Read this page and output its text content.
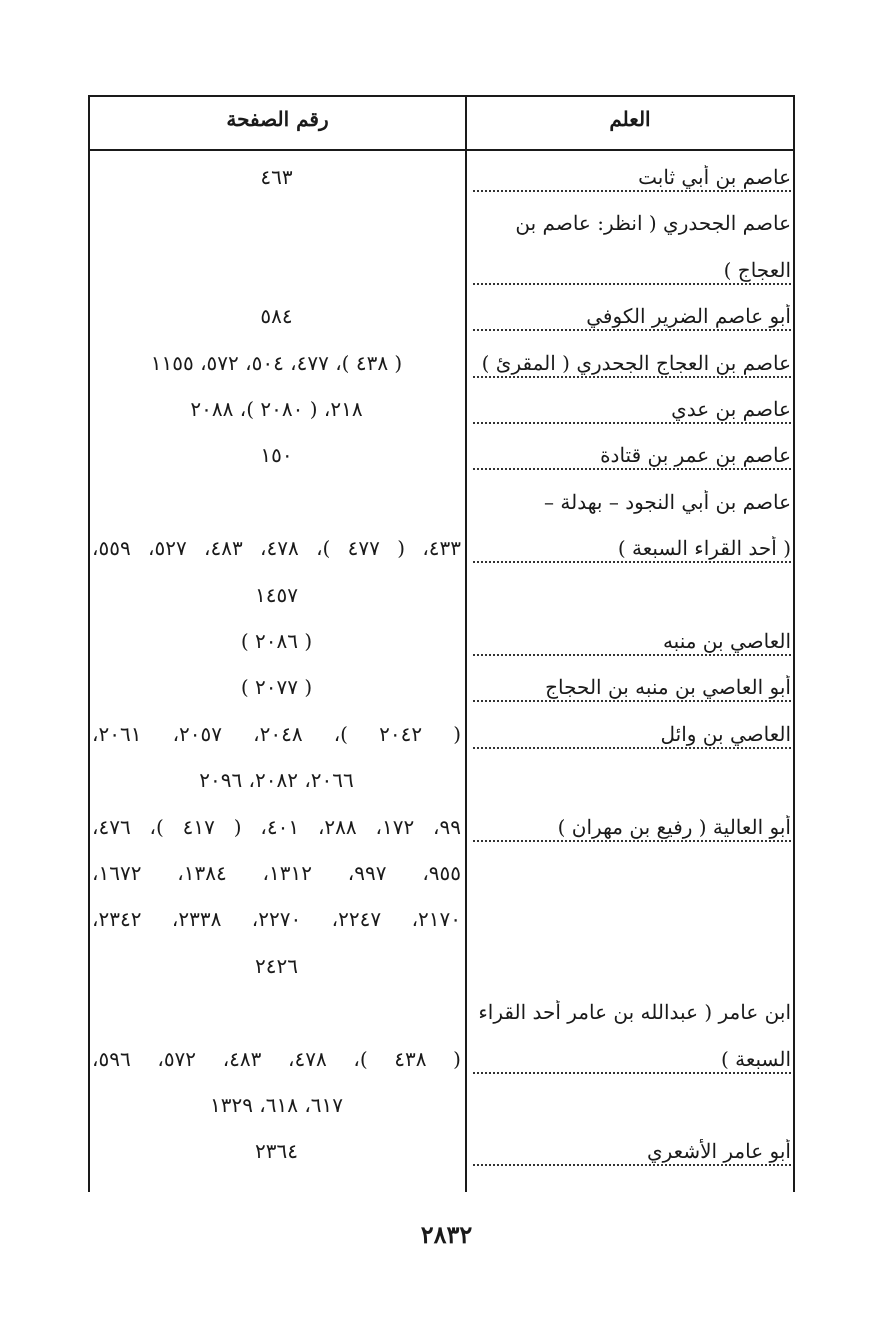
العلم
رقم الصفحة
عاصم بن أبي ثابت
٤٦٣
عاصم الجحدري ( انظر: عاصم بن
العجاج )
أبو عاصم الضرير الكوفي
٥٨٤
عاصم بن العجاج الجحدري ( المقرئ )
( ٤٣٨ )، ٤٧٧، ٥٠٤، ٥٧٢، ١١٥٥
عاصم بن عدي
٢١٨، ( ٢٠٨٠ )، ٢٠٨٨
عاصم بن عمر بن قتادة
١٥٠
عاصم بن أبي النجود – بهدلة –
( أحد القراء السبعة )
٤٣٣، ( ٤٧٧ )، ٤٧٨، ٤٨٣، ٥٢٧، ٥٥٩،
١٤٥٧
العاصي بن منبه
( ٢٠٨٦ )
أبو العاصي بن منبه بن الحجاج
( ٢٠٧٧ )
العاصي بن وائل
( ٢٠٤٢ )، ٢٠٤٨، ٢٠٥٧، ٢٠٦١،
٢٠٦٦، ٢٠٨٢، ٢٠٩٦
أبو العالية ( رفيع بن مهران )
٩٩، ١٧٢، ٢٨٨، ٤٠١، ( ٤١٧ )، ٤٧٦،
٩٥٥، ٩٩٧، ١٣١٢، ١٣٨٤، ١٦٧٢،
٢١٧٠، ٢٢٤٧، ٢٢٧٠، ٢٣٣٨، ٢٣٤٢،
٢٤٢٦
ابن عامر ( عبدالله بن عامر أحد القراء
السبعة )
( ٤٣٨ )، ٤٧٨، ٤٨٣، ٥٧٢، ٥٩٦،
٦١٧، ٦١٨، ١٣٢٩
أبو عامر الأشعري
٢٣٦٤
٢٨٣٢
